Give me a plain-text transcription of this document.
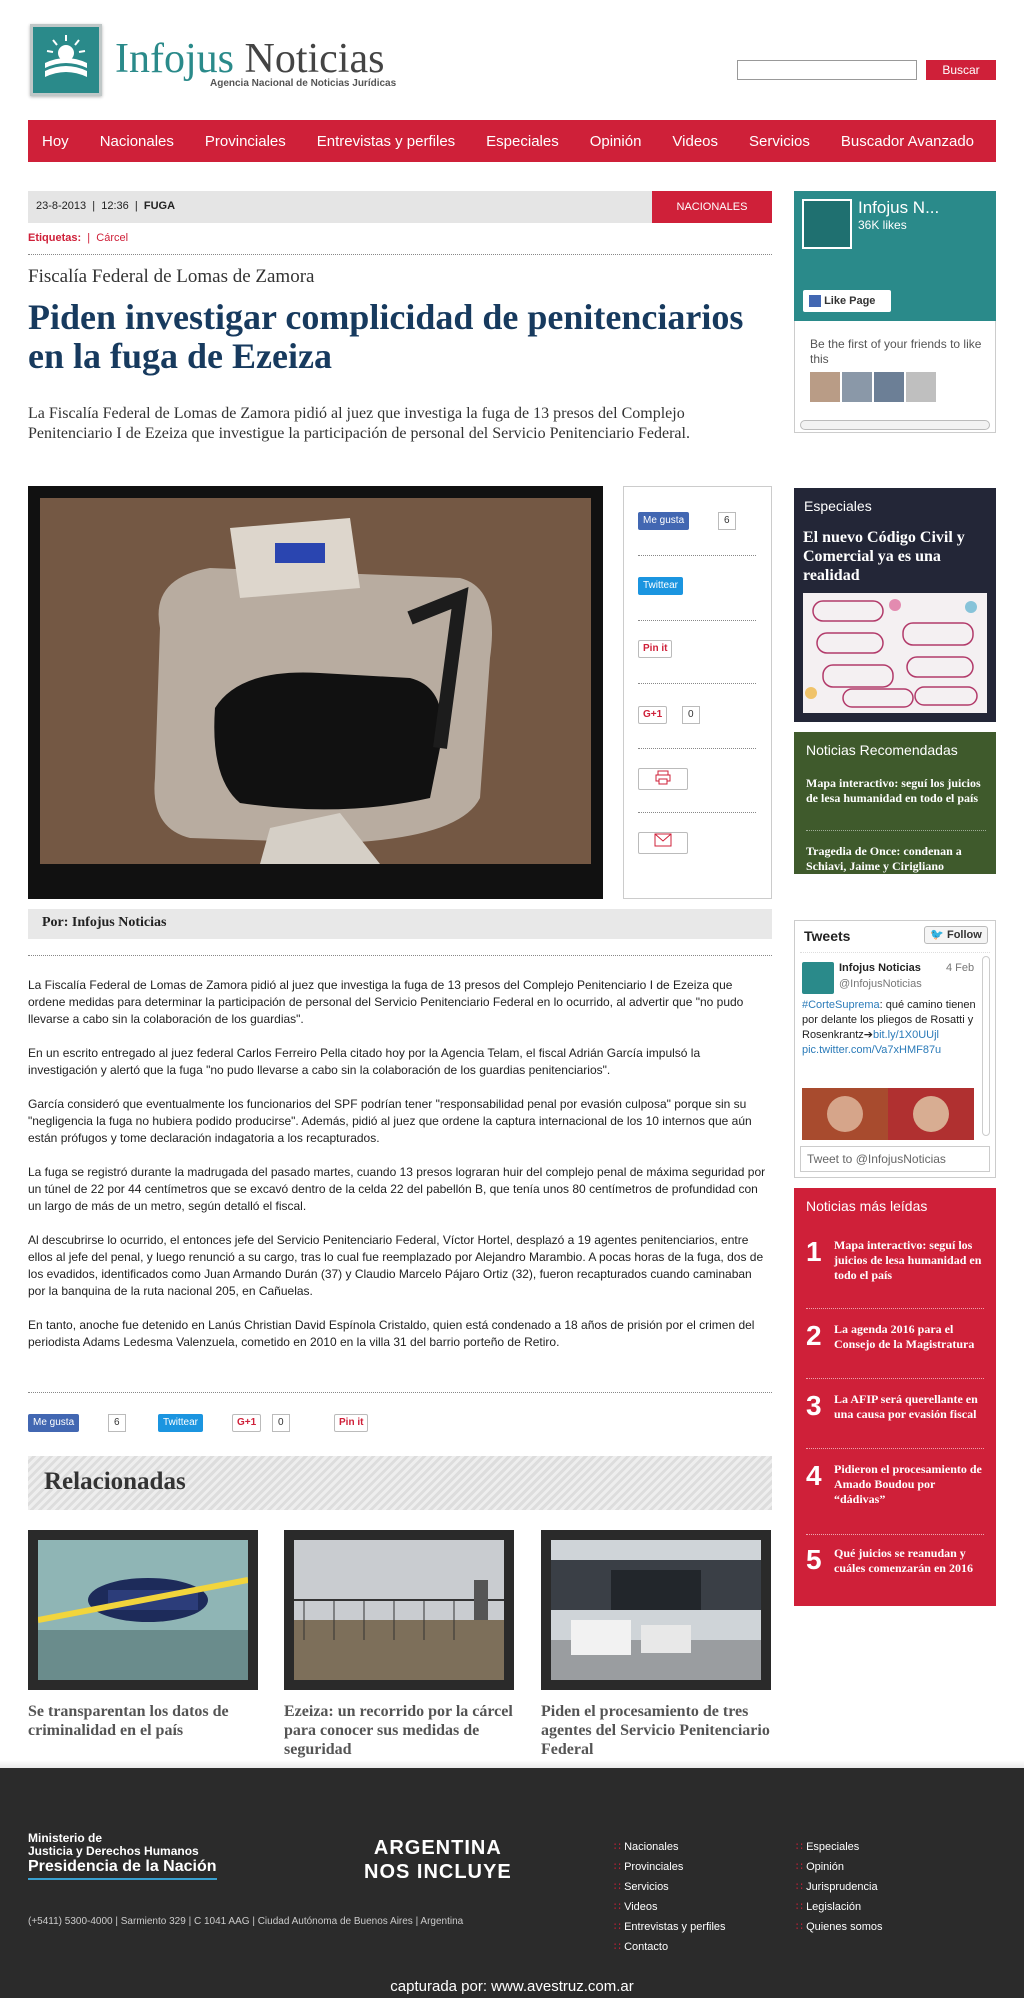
Infojus Noticias
Agencia Nacional de Noticias Jurídicas
Buscar
Hoy Nacionales Provinciales Entrevistas y perfiles Especiales Opinión Videos Servicios Buscador Avanzado
23-8-2013  |  12:36  |  FUGA	NACIONALES
Etiquetas:  |  Cárcel
Fiscalía Federal de Lomas de Zamora
Piden investigar complicidad de penitenciarios en la fuga de Ezeiza
La Fiscalía Federal de Lomas de Zamora pidió al juez que investiga la fuga de 13 presos del Complejo Penitenciario I de Ezeiza que investigue la participación de personal del Servicio Penitenciario Federal.
Me gusta	6
Twittear
Pin it
G+1	0
Por: Infojus Noticias

La Fiscalía Federal de Lomas de Zamora pidió al juez que investiga la fuga de 13 presos del Complejo Penitenciario I de Ezeiza que ordene medidas para determinar la participación de personal del Servicio Penitenciario Federal en lo ocurrido, al advertir que "no pudo llevarse a cabo sin la colaboración de los guardias".

En un escrito entregado al juez federal Carlos Ferreiro Pella citado hoy por la Agencia Telam, el fiscal Adrián García impulsó la investigación y alertó que la fuga "no pudo llevarse a cabo sin la colaboración de los guardias penitenciarios".

García consideró que eventualmente los funcionarios del SPF podrían tener "responsabilidad penal por evasión culposa" porque sin su "negligencia la fuga no hubiera podido producirse". Además, pidió al juez que ordene la captura internacional de los 10 internos que aún están prófugos y tome declaración indagatoria a los recapturados.

La fuga se registró durante la madrugada del pasado martes, cuando 13 presos lograran huir del complejo penal de máxima seguridad por un túnel de 22 por 44 centímetros que se excavó dentro de la celda 22 del pabellón B, que tenía unos 80 centímetros de profundidad con un largo de más de un metro, según detalló el fiscal.

Al descubrirse lo ocurrido, el entonces jefe del Servicio Penitenciario Federal, Víctor Hortel, desplazó a 19 agentes penitenciarios, entre ellos al jefe del penal, y luego renunció a su cargo, tras lo cual fue reemplazado por Alejandro Marambio. A pocas horas de la fuga, dos de los evadidos, identificados como Juan Armando Durán (37) y Claudio Marcelo Pájaro Ortiz (32), fueron recapturados cuando caminaban por la banquina de la ruta nacional 205, en Cañuelas.

En tanto, anoche fue detenido en Lanús Christian David Espínola Cristaldo, quien está condenado a 18 años de prisión por el crimen del periodista Adams Ledesma Valenzuela, cometido en 2010 en la villa 31 del barrio porteño de Retiro.

Me gusta	6	Twittear	G+1	0	Pin it
Relacionadas
Se transparentan los datos de criminalidad en el país
Ezeiza: un recorrido por la cárcel para conocer sus medidas de seguridad
Piden el procesamiento de tres agentes del Servicio Penitenciario Federal
Infojus N...
36K likes
Like Page
Be the first of your friends to like this
Especiales
El nuevo Código Civil y Comercial ya es una realidad
Noticias Recomendadas
Mapa interactivo: seguí los juicios de lesa humanidad en todo el país
Tragedia de Once: condenan a Schiavi, Jaime y Cirigliano
Tweets	🐦 Follow
Infojus Noticias
@InfojusNoticias
4 Feb
#CorteSuprema: qué camino tienen por delante los pliegos de Rosatti y Rosenkrantz➔bit.ly/1X0UUjl pic.twitter.com/Va7xHMF87u
Tweet to @InfojusNoticias
Noticias más leídas
1 Mapa interactivo: seguí los juicios de lesa humanidad en todo el país
2 La agenda 2016 para el Consejo de la Magistratura
3 La AFIP será querellante en una causa por evasión fiscal
4 Pidieron el procesamiento de Amado Boudou por “dádivas”
5 Qué juicios se reanudan y cuáles comenzarán en 2016
Ministerio de
Justicia y Derechos Humanos
Presidencia de la Nación
(+5411) 5300-4000 | Sarmiento 329 | C 1041 AAG | Ciudad Autónoma de Buenos Aires | Argentina
ARGENTINA
NOS INCLUYE
∷ Nacionales
∷ Provinciales
∷ Servicios
∷ Videos
∷ Entrevistas y perfiles
∷ Contacto
∷ Especiales
∷ Opinión
∷ Jurisprudencia
∷ Legislación
∷ Quienes somos
capturada por: www.avestruz.com.ar
